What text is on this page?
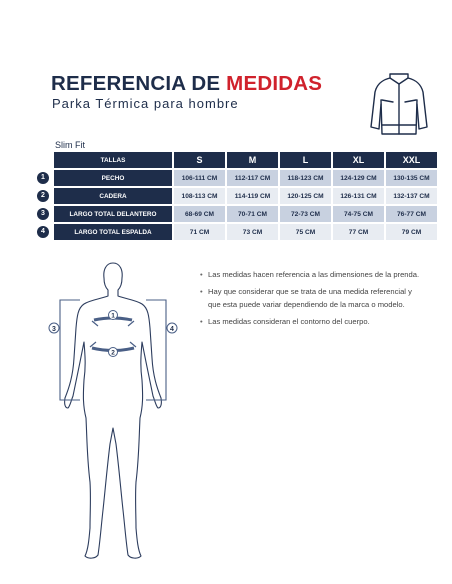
REFERENCIA DE MEDIDAS
Parka Térmica para hombre
Slim Fit
	TALLAS	S	M	L	XL	XXL
1	PECHO	106-111 CM	112-117 CM	118-123 CM	124-129 CM	130-135 CM
2	CADERA	108-113 CM	114-119 CM	120-125 CM	126-131 CM	132-137 CM
3	LARGO TOTAL DELANTERO	68-69 CM	70-71 CM	72-73 CM	74-75 CM	76-77 CM
4	LARGO TOTAL ESPALDA	71 CM	73 CM	75 CM	77 CM	79 CM
3	4
1
2
• Las medidas hacen referencia a las dimensiones de la prenda.
• Hay que considerar que se trata de una medida referencial y que esta puede variar dependiendo de la marca o modelo.
• Las medidas consideran el contorno del cuerpo.
